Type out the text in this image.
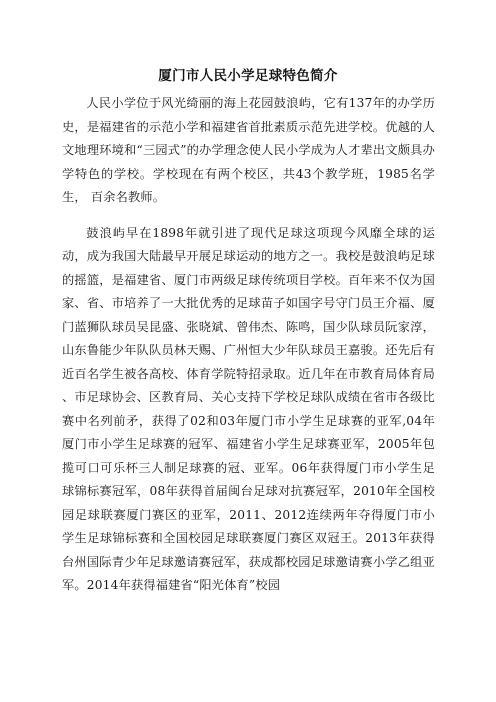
厦门市人民小学足球特色简介

人民小学位于风光绮丽的海上花园鼓浪屿，它有137年的办学历史，是福建省的示范小学和福建省首批素质示范先进学校。优越的人文地理环境和“三园式”的办学理念使人民小学成为人才辈出文颇具办学特色的学校。学校现在有两个校区，共43个教学班，1985名学生， 百余名教师。

鼓浪屿早在1898年就引进了现代足球这项现今风靡全球的运动，成为我国大陆最早开展足球运动的地方之一。我校是鼓浪屿足球的摇篮，是福建省、厦门市两级足球传统项目学校。百年来不仅为国家、省、市培养了一大批优秀的足球苗子如国字号守门员王介福、厦门蓝狮队球员吴昆盛、张晓斌、曾伟杰、陈鸣，国少队球员阮家淳，山东鲁能少年队队员林天赐、广州恒大少年队球员王嘉骏。还先后有近百名学生被各高校、体育学院特招录取。近几年在市教育局体育局 、市足球协会、区教育局、关心支持下学校足球队成绩在省市各级比赛中名列前矛，获得了02和03年厦门市小学生足球赛的亚军,04年厦门市小学生足球赛的冠军、福建省小学生足球赛亚军，2005年包揽可口可乐杯三人制足球赛的冠、亚军。06年获得厦门市小学生足球锦标赛冠军，08年获得首届闽台足球对抗赛冠军，2010年全国校园足球联赛厦门赛区的亚军，2011、2012连续两年夺得厦门市小学生足球锦标赛和全国校园足球联赛厦门赛区双冠王。2013年获得台州国际青少年足球邀请赛冠军，获成都校园足球邀请赛小学乙组亚军。2014年获得福建省“阳光体育”校园
